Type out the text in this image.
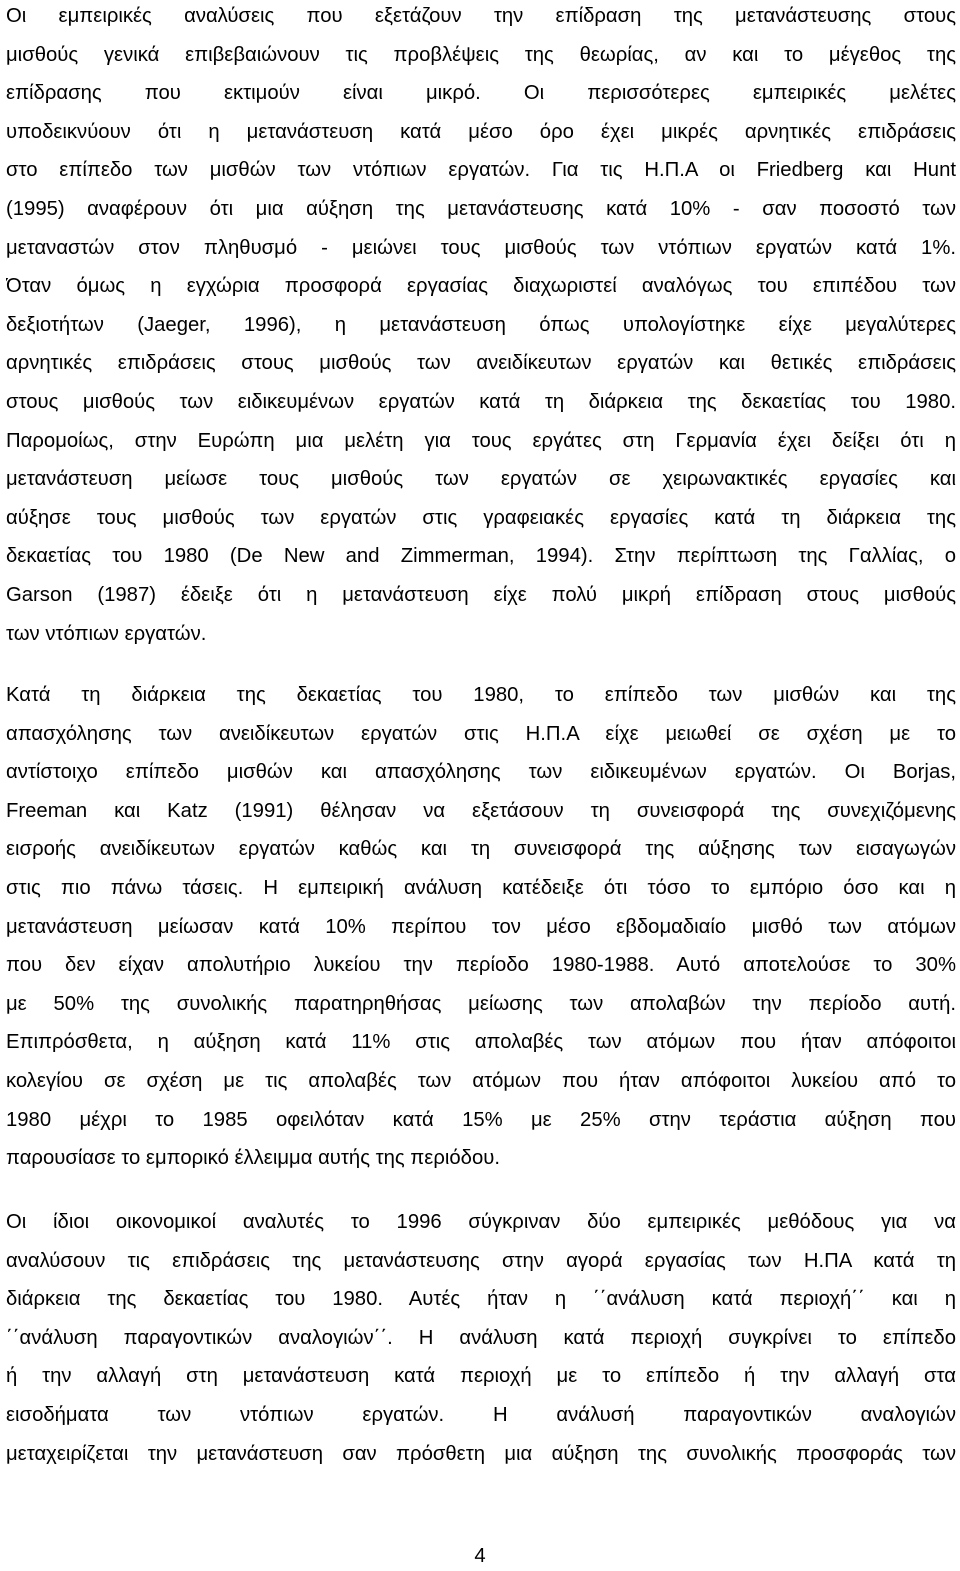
Οι εμπειρικές αναλύσεις που εξετάζουν την επίδραση της μετανάστευσης στους
μισθούς γενικά επιβεβαιώνουν τις προβλέψεις της θεωρίας, αν και το μέγεθος της
επίδρασης που εκτιμούν είναι μικρό. Οι περισσότερες εμπειρικές μελέτες
υποδεικνύουν ότι η μετανάστευση κατά μέσο όρο έχει μικρές αρνητικές επιδράσεις
στο επίπεδο των μισθών των ντόπιων εργατών. Για τις Η.Π.Α οι Friedberg και Hunt
(1995) αναφέρουν ότι μια αύξηση της μετανάστευσης κατά 10% - σαν ποσοστό των
μεταναστών στον πληθυσμό - μειώνει τους μισθούς των ντόπιων εργατών κατά 1%.
Όταν όμως η εγχώρια προσφορά εργασίας διαχωριστεί αναλόγως του επιπέδου των
δεξιοτήτων (Jaeger, 1996), η μετανάστευση όπως υπολογίστηκε είχε μεγαλύτερες
αρνητικές επιδράσεις στους μισθούς των ανειδίκευτων εργατών και θετικές επιδράσεις
στους μισθούς των ειδικευμένων εργατών κατά τη διάρκεια της δεκαετίας του 1980.
Παρομοίως, στην Ευρώπη μια μελέτη για τους εργάτες στη Γερμανία έχει δείξει ότι η
μετανάστευση μείωσε τους μισθούς των εργατών σε χειρωνακτικές εργασίες και
αύξησε τους μισθούς των εργατών στις γραφειακές εργασίες κατά τη διάρκεια της
δεκαετίας του 1980 (De New and Zimmerman, 1994). Στην περίπτωση της Γαλλίας, ο
Garson (1987) έδειξε ότι η μετανάστευση είχε πολύ μικρή επίδραση στους μισθούς
των ντόπιων εργατών.
Κατά τη διάρκεια της δεκαετίας του 1980, το επίπεδο των μισθών και της
απασχόλησης των ανειδίκευτων εργατών στις Η.Π.Α είχε μειωθεί σε σχέση με το
αντίστοιχο επίπεδο μισθών και απασχόλησης των ειδικευμένων εργατών. Οι Borjas,
Freeman και Katz (1991) θέλησαν να εξετάσουν τη συνεισφορά της συνεχιζόμενης
εισροής ανειδίκευτων εργατών καθώς και τη συνεισφορά της αύξησης των εισαγωγών
στις πιο πάνω τάσεις. Η εμπειρική ανάλυση κατέδειξε ότι τόσο το εμπόριο όσο και η
μετανάστευση μείωσαν κατά 10% περίπου τον μέσο εβδομαδιαίο μισθό των ατόμων
που δεν είχαν απολυτήριο λυκείου την περίοδο 1980-1988. Αυτό αποτελούσε το 30%
με 50% της συνολικής παρατηρηθήσας μείωσης των απολαβών την περίοδο αυτή.
Επιπρόσθετα, η αύξηση κατά 11% στις απολαβές των ατόμων που ήταν απόφοιτοι
κολεγίου σε σχέση με τις απολαβές των ατόμων που ήταν απόφοιτοι λυκείου από το
1980 μέχρι το 1985 οφειλόταν κατά 15% με 25% στην τεράστια αύξηση που
παρουσίασε το εμπορικό έλλειμμα αυτής της περιόδου.
Οι ίδιοι οικονομικοί αναλυτές το 1996 σύγκριναν δύο εμπειρικές μεθόδους για να
αναλύσουν τις επιδράσεις της μετανάστευσης στην αγορά εργασίας των Η.ΠΑ κατά τη
διάρκεια της δεκαετίας του 1980. Αυτές ήταν η ΄΄ανάλυση κατά περιοχή΄΄ και η
΄΄ανάλυση παραγοντικών αναλογιών΄΄. Η ανάλυση κατά περιοχή συγκρίνει το επίπεδο
ή την αλλαγή στη μετανάστευση κατά περιοχή με το επίπεδο ή την αλλαγή στα
εισοδήματα των ντόπιων εργατών. Η ανάλυσή παραγοντικών αναλογιών
μεταχειρίζεται την μετανάστευση σαν πρόσθετη μια αύξηση της συνολικής προσφοράς των
4
